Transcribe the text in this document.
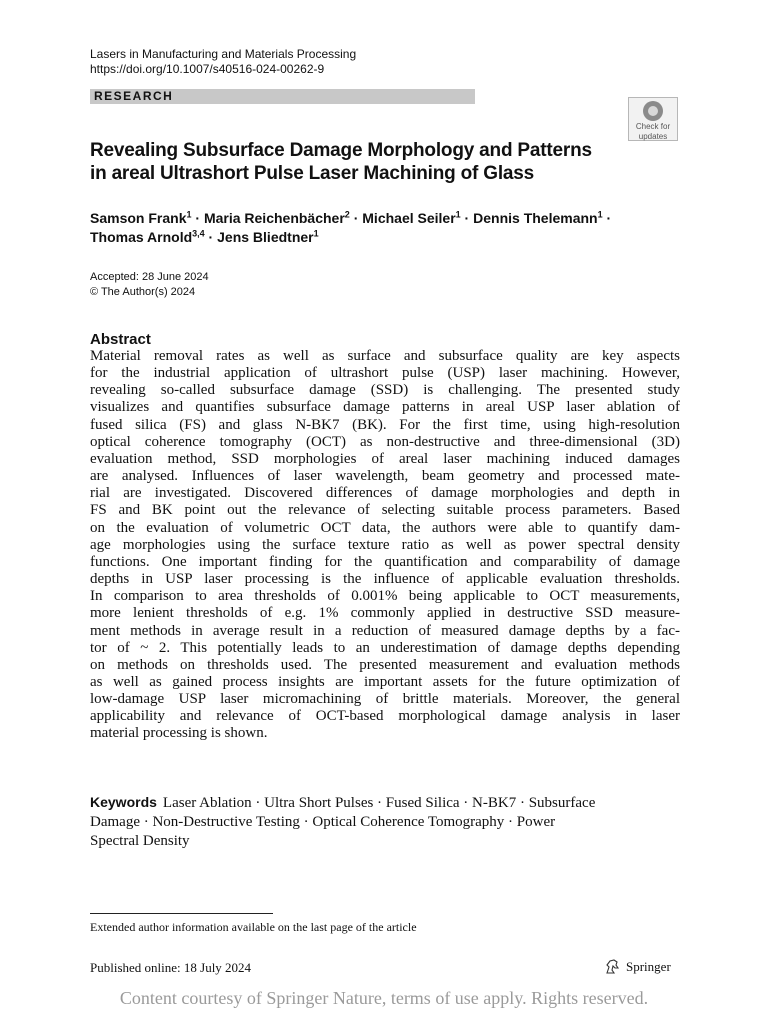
Lasers in Manufacturing and Materials Processing
https://doi.org/10.1007/s40516-024-00262-9
RESEARCH
Check for
updates
Revealing Subsurface Damage Morphology and Patterns
in areal Ultrashort Pulse Laser Machining of Glass
Samson Frank$^1$ · Maria Reichenbächer$^2$ · Michael Seiler$^1$ · Dennis Thelemann$^1$ ·
Thomas Arnold$^{3,4}$ · Jens Bliedtner$^1$
Accepted: 28 June 2024
© The Author(s) 2024
Abstract
Material removal rates as well as surface and subsurface quality are key aspects
for the industrial application of ultrashort pulse (USP) laser machining. However,
revealing so-called subsurface damage (SSD) is challenging. The presented study
visualizes and quantifies subsurface damage patterns in areal USP laser ablation of
fused silica (FS) and glass N-BK7 (BK). For the first time, using high-resolution
optical coherence tomography (OCT) as non-destructive and three-dimensional (3D)
evaluation method, SSD morphologies of areal laser machining induced damages
are analysed. Influences of laser wavelength, beam geometry and processed mate-
rial are investigated. Discovered differences of damage morphologies and depth in
FS and BK point out the relevance of selecting suitable process parameters. Based
on the evaluation of volumetric OCT data, the authors were able to quantify dam-
age morphologies using the surface texture ratio as well as power spectral density
functions. One important finding for the quantification and comparability of damage
depths in USP laser processing is the influence of applicable evaluation thresholds.
In comparison to area thresholds of 0.001% being applicable to OCT measurements,
more lenient thresholds of e.g. 1% commonly applied in destructive SSD measure-
ment methods in average result in a reduction of measured damage depths by a fac-
tor of ~ 2. This potentially leads to an underestimation of damage depths depending
on methods on thresholds used. The presented measurement and evaluation methods
as well as gained process insights are important assets for the future optimization of
low-damage USP laser micromachining of brittle materials. Moreover, the general
applicability and relevance of OCT-based morphological damage analysis in laser
material processing is shown.
Keywords Laser Ablation · Ultra Short Pulses · Fused Silica · N-BK7 · Subsurface
Damage · Non-Destructive Testing · Optical Coherence Tomography · Power
Spectral Density
Extended author information available on the last page of the article
Published online: 18 July 2024	Springer
Content courtesy of Springer Nature, terms of use apply. Rights reserved.
